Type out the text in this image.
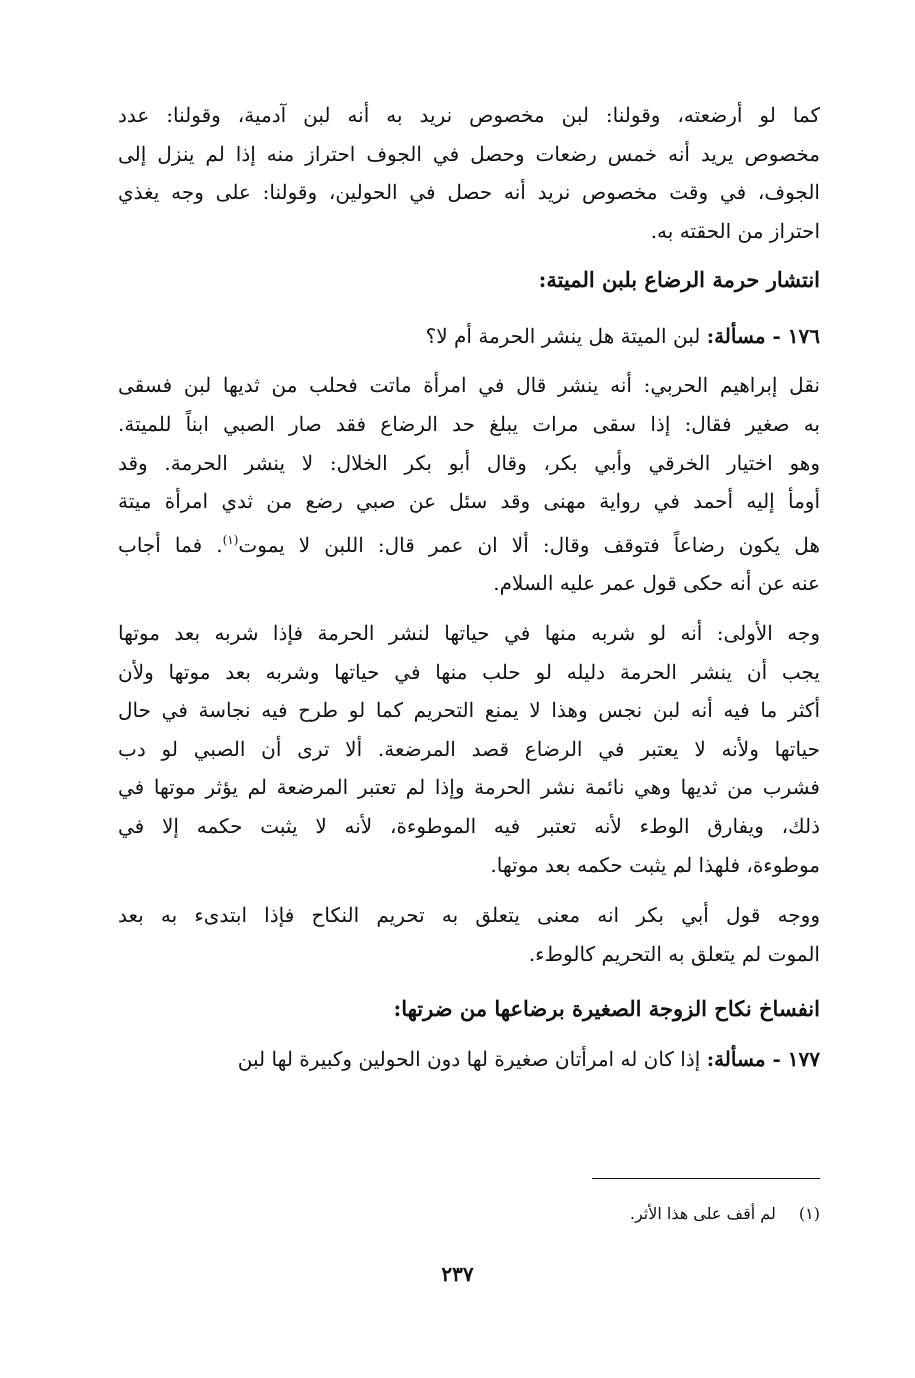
كما لو أرضعته، وقولنا: لبن مخصوص نريد به أنه لبن آدمية، وقولنا: عدد
مخصوص يريد أنه خمس رضعات وحصل في الجوف احتراز منه إذا لم ينزل إلى
الجوف، في وقت مخصوص نريد أنه حصل في الحولين، وقولنا: على وجه يغذي
احتراز من الحقته به.

انتشار حرمة الرضاع بلبن الميتة:

١٧٦ - مسألة: لبن الميتة هل ينشر الحرمة أم لا؟

نقل إبراهيم الحربي: أنه ينشر قال في امرأة ماتت فحلب من ثديها لبن فسقى
به صغير فقال: إذا سقى مرات يبلغ حد الرضاع فقد صار الصبي ابناً للميتة.
وهو اختيار الخرقي وأبي بكر، وقال أبو بكر الخلال: لا ينشر الحرمة. وقد
أومأ إليه أحمد في رواية مهنى وقد سئل عن صبي رضع من ثدي امرأة ميتة
هل يكون رضاعاً فتوقف وقال: ألا ان عمر قال: اللبن لا يموت$^{(١)}$. فما أجاب
عنه عن أنه حكى قول عمر عليه السلام.

وجه الأولى: أنه لو شربه منها في حياتها لنشر الحرمة فإذا شربه بعد موتها
يجب أن ينشر الحرمة دليله لو حلب منها في حياتها وشربه بعد موتها ولأن
أكثر ما فيه أنه لبن نجس وهذا لا يمنع التحريم كما لو طرح فيه نجاسة في حال
حياتها ولأنه لا يعتبر في الرضاع قصد المرضعة. ألا ترى أن الصبي لو دب
فشرب من ثديها وهي نائمة نشر الحرمة وإذا لم تعتبر المرضعة لم يؤثر موتها في
ذلك، ويفارق الوطء لأنه تعتبر فيه الموطوءة، لأنه لا يثبت حكمه إلا في
موطوءة، فلهذا لم يثبت حكمه بعد موتها.

ووجه قول أبي بكر انه معنى يتعلق به تحريم النكاح فإذا ابتدىء به بعد
الموت لم يتعلق به التحريم كالوطء.

انفساخ نكاح الزوجة الصغيرة برضاعها من ضرتها:

١٧٧ - مسألة: إذا كان له امرأتان صغيرة لها دون الحولين وكبيرة لها لبن

(١) لم أقف على هذا الأثر.
٢٣٧
